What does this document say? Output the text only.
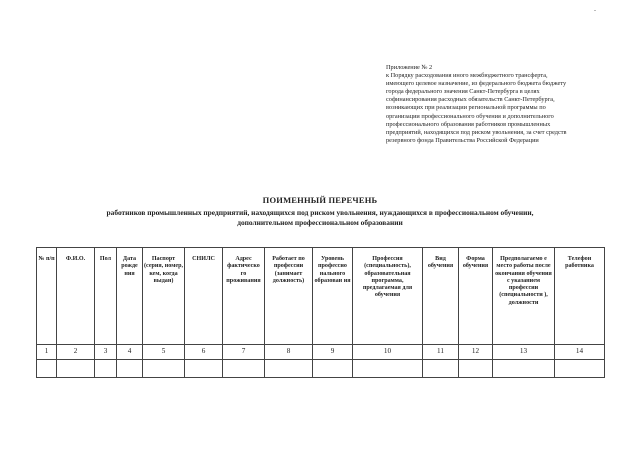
Приложение № 2
к Порядку расходования иного межбюджетного трансферта,
имеющего целевое назначение, из федерального бюджета бюджету
города федерального значения Санкт-Петербурга в целях
софинансирования расходных обязательств Санкт-Петербурга,
возникающих при реализации региональной программы по
организации профессионального обучения и дополнительного
профессионального образования работников промышленных
предприятий, находящихся под риском увольнения, за счет средств
резервного фонда Правительства Российской Федерации
ПОИМЕННЫЙ ПЕРЕЧЕНЬ
работников промышленных предприятий, находящихся под риском увольнения, нуждающихся в профессиональном обучении,
дополнительном профессиональном образовании
№ п/п	Ф.И.О.	Пол	Дата рожде ния	Паспорт (серия, номер, кем, когда выдан)	СНИЛС	Адрес фактическо го проживания	Работает по профессии (занимает должность)	Уровень профессио нального образован ия	Профессия (специальность), образовательная программа, предлагаемая для обучения	Вид обучения	Форма обучения	Предполагаемо е место работы после окончания обучения с указанием профессии (специальности ), должности	Телефон работника
1	2	3	4	5	6	7	8	9	10	11	12	13	14
